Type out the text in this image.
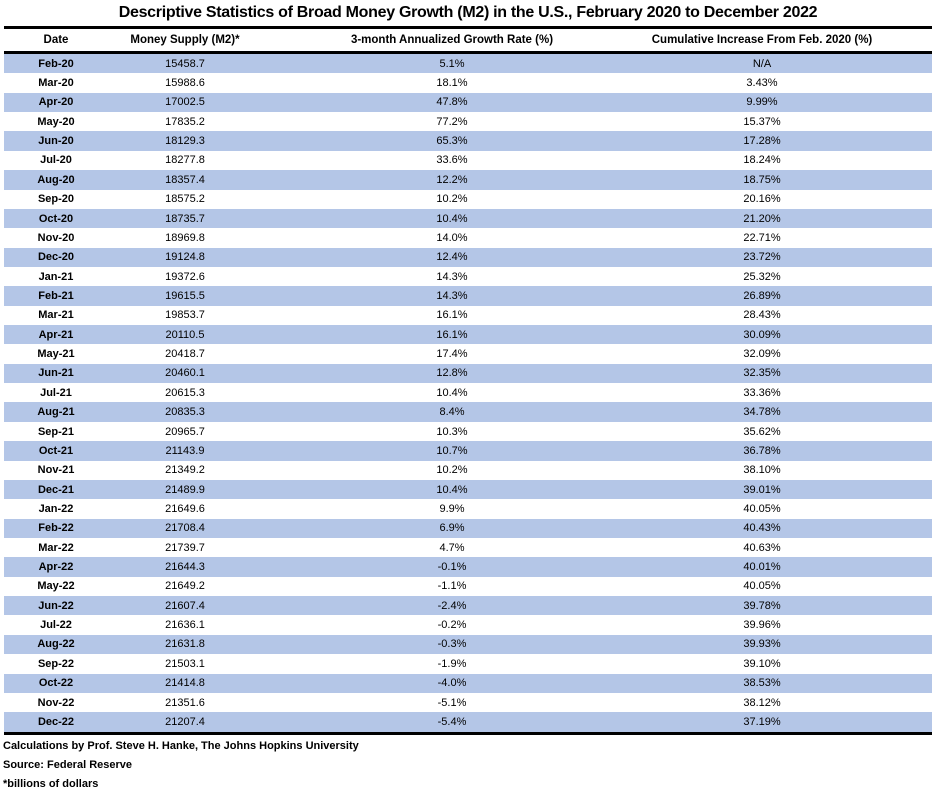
Descriptive Statistics of Broad Money Growth (M2) in the U.S., February 2020 to December 2022
Date	Money Supply (M2)*	3-month Annualized Growth Rate (%)	Cumulative Increase From Feb. 2020 (%)	
Feb-20	15458.7	5.1%	N/A	
Mar-20	15988.6	18.1%	3.43%	
Apr-20	17002.5	47.8%	9.99%	
May-20	17835.2	77.2%	15.37%	
Jun-20	18129.3	65.3%	17.28%	
Jul-20	18277.8	33.6%	18.24%	
Aug-20	18357.4	12.2%	18.75%	
Sep-20	18575.2	10.2%	20.16%	
Oct-20	18735.7	10.4%	21.20%	
Nov-20	18969.8	14.0%	22.71%	
Dec-20	19124.8	12.4%	23.72%	
Jan-21	19372.6	14.3%	25.32%	
Feb-21	19615.5	14.3%	26.89%	
Mar-21	19853.7	16.1%	28.43%	
Apr-21	20110.5	16.1%	30.09%	
May-21	20418.7	17.4%	32.09%	
Jun-21	20460.1	12.8%	32.35%	
Jul-21	20615.3	10.4%	33.36%	
Aug-21	20835.3	8.4%	34.78%	
Sep-21	20965.7	10.3%	35.62%	
Oct-21	21143.9	10.7%	36.78%	
Nov-21	21349.2	10.2%	38.10%	
Dec-21	21489.9	10.4%	39.01%	
Jan-22	21649.6	9.9%	40.05%	
Feb-22	21708.4	6.9%	40.43%	
Mar-22	21739.7	4.7%	40.63%	
Apr-22	21644.3	-0.1%	40.01%	
May-22	21649.2	-1.1%	40.05%	
Jun-22	21607.4	-2.4%	39.78%	
Jul-22	21636.1	-0.2%	39.96%	
Aug-22	21631.8	-0.3%	39.93%	
Sep-22	21503.1	-1.9%	39.10%	
Oct-22	21414.8	-4.0%	38.53%	
Nov-22	21351.6	-5.1%	38.12%	
Dec-22	21207.4	-5.4%	37.19%	
Calculations by Prof. Steve H. Hanke, The Johns Hopkins University
Source: Federal Reserve
*billions of dollars
